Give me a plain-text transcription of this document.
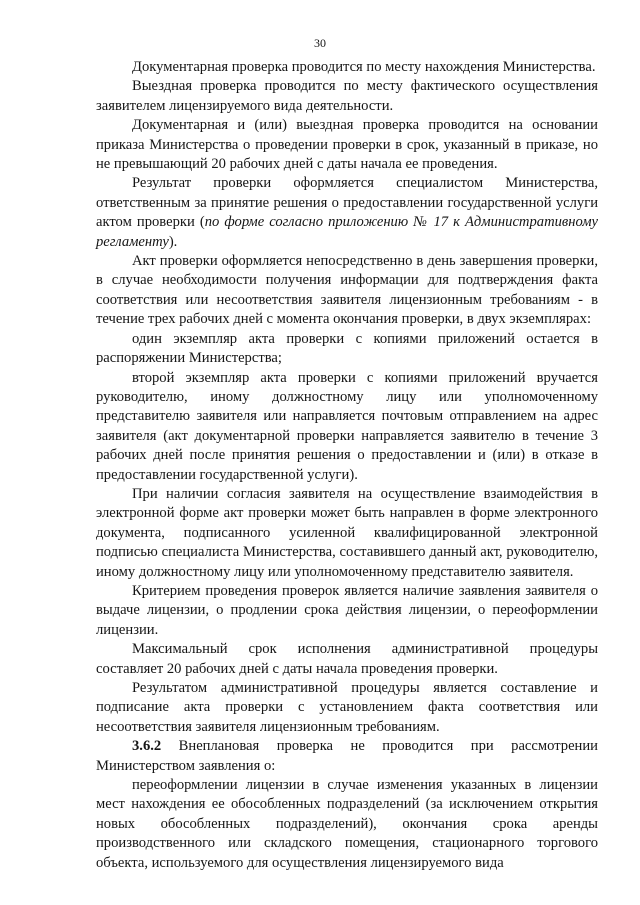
30

Документарная проверка проводится по месту нахождения Министерства.

Выездная проверка проводится по месту фактического осуществления заявителем лицензируемого вида деятельности.

Документарная и (или) выездная проверка проводится на основании приказа Министерства о проведении проверки в срок, указанный в приказе, но не превышающий 20 рабочих дней с даты начала ее проведения.

Результат проверки оформляется специалистом Министерства, ответственным за принятие решения о предоставлении государственной услуги актом проверки (по форме согласно приложению № 17 к Административному регламенту).

Акт проверки оформляется непосредственно в день завершения проверки, в случае необходимости получения информации для подтверждения факта соответствия или несоответствия заявителя лицензионным требованиям - в течение трех рабочих дней с момента окончания проверки, в двух экземплярах:

один экземпляр акта проверки с копиями приложений остается в распоряжении Министерства;

второй экземпляр акта проверки с копиями приложений вручается руководителю, иному должностному лицу или уполномоченному представителю заявителя или направляется почтовым отправлением на адрес заявителя (акт документарной проверки направляется заявителю в течение 3 рабочих дней после принятия решения о предоставлении и (или) в отказе в предоставлении государственной услуги).

При наличии согласия заявителя на осуществление взаимодействия в электронной форме акт проверки может быть направлен в форме электронного документа, подписанного усиленной квалифицированной электронной подписью специалиста Министерства, составившего данный акт, руководителю, иному должностному лицу или уполномоченному представителю заявителя.

Критерием проведения проверок является наличие заявления заявителя о выдаче лицензии, о продлении срока действия лицензии, о переоформлении лицензии.

Максимальный срок исполнения административной процедуры составляет 20 рабочих дней с даты начала проведения проверки.

Результатом административной процедуры является составление и подписание акта проверки с установлением факта соответствия или несоответствия заявителя лицензионным требованиям.

3.6.2 Внеплановая проверка не проводится при рассмотрении Министерством заявления о:

переоформлении лицензии в случае изменения указанных в лицензии мест нахождения ее обособленных подразделений (за исключением открытия новых обособленных подразделений), окончания срока аренды производственного или складского помещения, стационарного торгового объекта, используемого для осуществления лицензируемого вида
